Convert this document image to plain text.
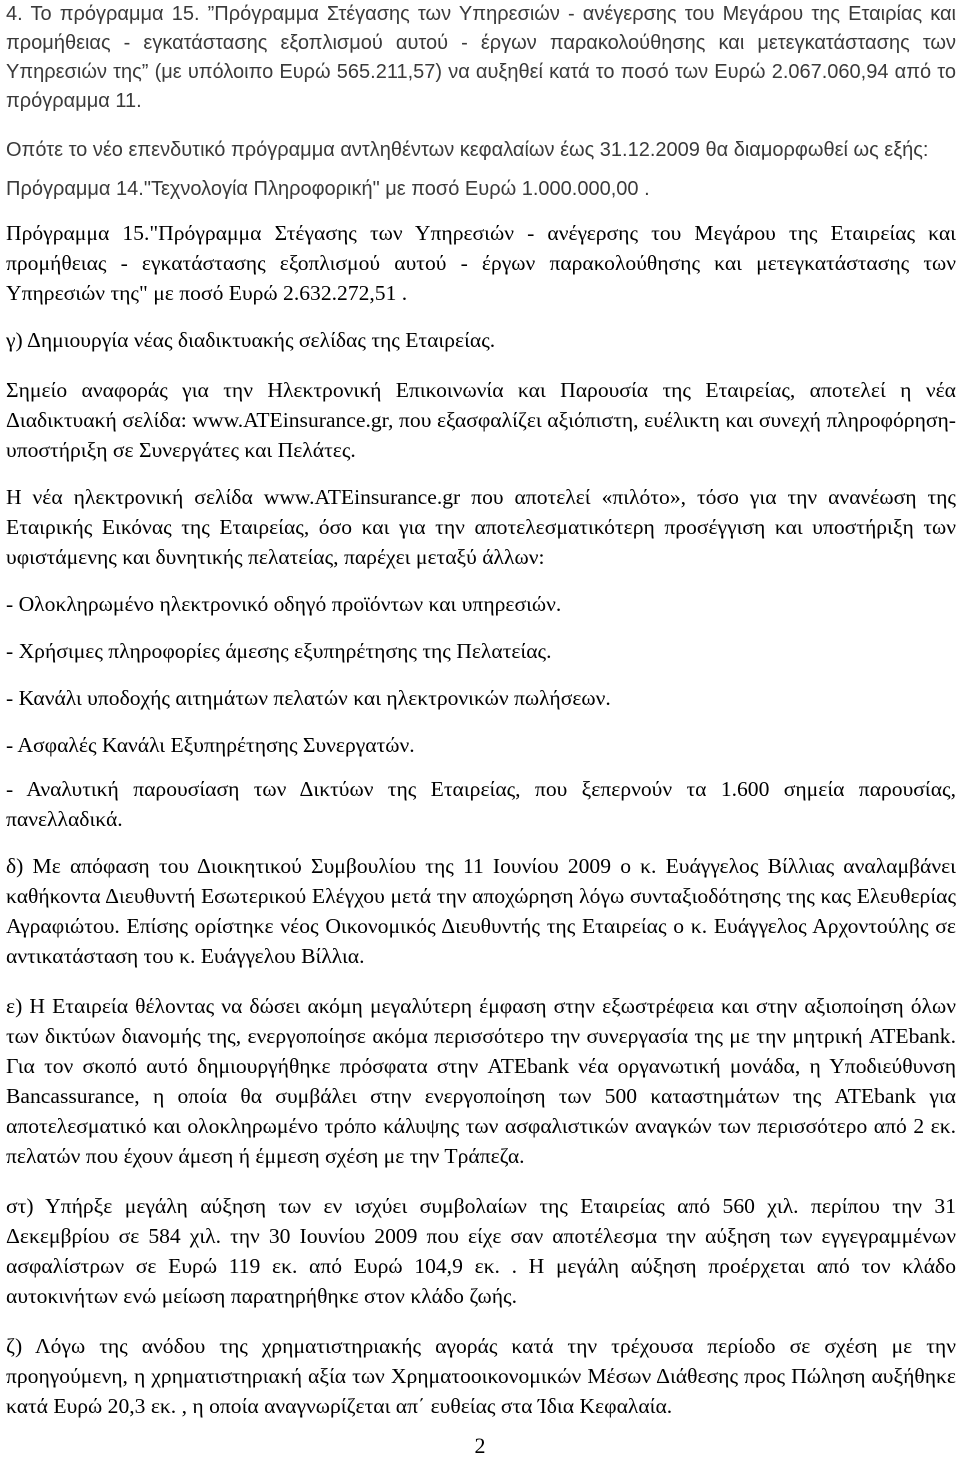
4. Το πρόγραμμα 15. ”Πρόγραμμα Στέγασης των Υπηρεσιών - ανέγερσης του Μεγάρου της Εταιρίας και προμήθειας - εγκατάστασης εξοπλισμού αυτού - έργων παρακολούθησης και μετεγκατάστασης των Υπηρεσιών της” (με υπόλοιπο Ευρώ 565.211,57) να αυξηθεί κατά το ποσό των Ευρώ 2.067.060,94 από το πρόγραμμα 11.

Οπότε το νέο επενδυτικό πρόγραμμα αντληθέντων κεφαλαίων έως 31.12.2009 θα διαμορφωθεί ως εξής:

Πρόγραμμα 14."Τεχνολογία Πληροφορική" με ποσό Ευρώ 1.000.000,00 .

Πρόγραμμα 15."Πρόγραμμα Στέγασης των Υπηρεσιών - ανέγερσης του Μεγάρου της Εταιρείας και προμήθειας - εγκατάστασης εξοπλισμού αυτού - έργων παρακολούθησης και μετεγκατάστασης των Υπηρεσιών της" με ποσό Ευρώ 2.632.272,51 .

γ) Δημιουργία νέας διαδικτυακής σελίδας της Εταιρείας.

Σημείο αναφοράς για την Ηλεκτρονική Επικοινωνία και Παρουσία της Εταιρείας, αποτελεί η νέα Διαδικτυακή σελίδα: www.ATEinsurance.gr, που εξασφαλίζει αξιόπιστη, ευέλικτη και συνεχή πληροφόρηση-υποστήριξη σε Συνεργάτες και Πελάτες.

Η νέα ηλεκτρονική σελίδα www.ATEinsurance.gr που αποτελεί «πιλότο», τόσο για την ανανέωση της Εταιρικής Εικόνας της Εταιρείας, όσο και για την αποτελεσματικότερη προσέγγιση και υποστήριξη των υφιστάμενης και δυνητικής πελατείας, παρέχει μεταξύ άλλων:

- Ολοκληρωμένο ηλεκτρονικό οδηγό προϊόντων και υπηρεσιών.

- Χρήσιμες πληροφορίες άμεσης εξυπηρέτησης της Πελατείας.

- Κανάλι υποδοχής αιτημάτων πελατών και ηλεκτρονικών πωλήσεων.

- Ασφαλές Κανάλι Εξυπηρέτησης Συνεργατών.

- Αναλυτική παρουσίαση των Δικτύων της Εταιρείας, που ξεπερνούν τα 1.600 σημεία παρουσίας, πανελλαδικά.

δ) Με απόφαση του Διοικητικού Συμβουλίου της 11 Ιουνίου 2009 ο κ. Ευάγγελος Βίλλιας αναλαμβάνει καθήκοντα Διευθυντή Εσωτερικού Ελέγχου μετά την αποχώρηση λόγω συνταξιοδότησης της κας Ελευθερίας Αγραφιώτου. Επίσης ορίστηκε νέος Οικονομικός Διευθυντής της Εταιρείας ο κ. Ευάγγελος Αρχοντούλης σε αντικατάσταση του κ. Ευάγγελου Βίλλια.

ε) Η Εταιρεία θέλοντας να δώσει ακόμη μεγαλύτερη έμφαση στην εξωστρέφεια και στην αξιοποίηση όλων των δικτύων διανομής της, ενεργοποίησε ακόμα περισσότερο την συνεργασία της με την μητρική ATEbank. Για τον σκοπό αυτό δημιουργήθηκε πρόσφατα στην ATEbank νέα οργανωτική μονάδα, η Υποδιεύθυνση Bancassurance, η οποία θα συμβάλει στην ενεργοποίηση των 500 καταστημάτων της ATEbank για αποτελεσματικό και ολοκληρωμένο τρόπο κάλυψης των ασφαλιστικών αναγκών των περισσότερο από 2 εκ. πελατών που έχουν άμεση ή έμμεση σχέση με την Τράπεζα.

στ) Υπήρξε μεγάλη αύξηση των εν ισχύει συμβολαίων της Εταιρείας από 560 χιλ. περίπου την 31 Δεκεμβρίου σε 584 χιλ. την 30 Ιουνίου 2009 που είχε σαν αποτέλεσμα την αύξηση των εγγεγραμμένων ασφαλίστρων σε Ευρώ 119 εκ. από Ευρώ 104,9 εκ. . Η μεγάλη αύξηση προέρχεται από τον κλάδο αυτοκινήτων ενώ μείωση παρατηρήθηκε στον κλάδο ζωής.

ζ) Λόγω της ανόδου της χρηματιστηριακής αγοράς κατά την τρέχουσα περίοδο σε σχέση με την προηγούμενη, η χρηματιστηριακή αξία των Χρηματοοικονομικών Μέσων Διάθεσης προς Πώληση αυξήθηκε κατά Ευρώ 20,3 εκ. , η οποία αναγνωρίζεται απ΄ ευθείας στα Ίδια Κεφαλαία.

2
